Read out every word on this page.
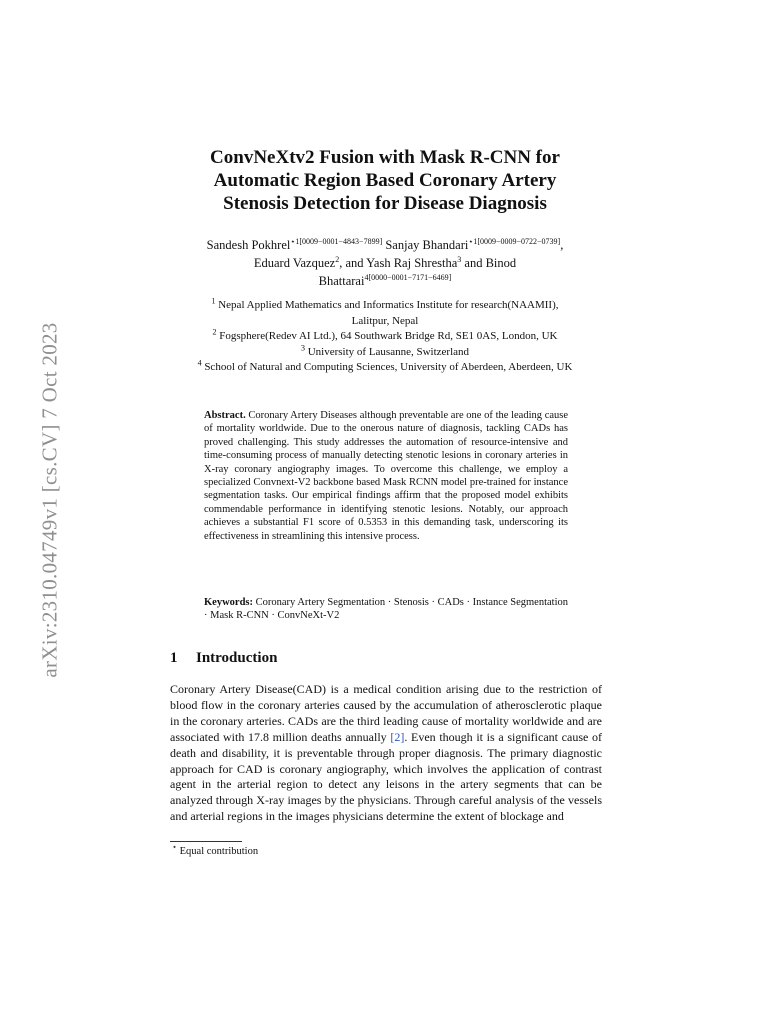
arXiv:2310.04749v1 [cs.CV] 7 Oct 2023
ConvNeXtv2 Fusion with Mask R-CNN for
Automatic Region Based Coronary Artery
Stenosis Detection for Disease Diagnosis
Sandesh Pokhrel$^{⋆1[0009-0001-4843-7899]}$ Sanjay Bhandari$^{⋆1[0009-0009-0722-0739]}$,
Eduard Vazquez$^2$, and Yash Raj Shrestha$^3$ and Binod
Bhattarai$^{4[0000-0001-7171-6469]}$
$^1$ Nepal Applied Mathematics and Informatics Institute for research(NAAMII),
Lalitpur, Nepal
$^2$ Fogsphere(Redev AI Ltd.), 64 Southwark Bridge Rd, SE1 0AS, London, UK
$^3$ University of Lausanne, Switzerland
$^4$ School of Natural and Computing Sciences, University of Aberdeen, Aberdeen, UK
Abstract. Coronary Artery Diseases although preventable are one of the leading cause of mortality worldwide. Due to the onerous nature of diagnosis, tackling CADs has proved challenging. This study addresses the automation of resource-intensive and time-consuming process of manually detecting stenotic lesions in coronary arteries in X-ray coronary angiography images. To overcome this challenge, we employ a specialized Convnext-V2 backbone based Mask RCNN model pre-trained for instance segmentation tasks. Our empirical findings affirm that the proposed model exhibits commendable performance in identifying stenotic lesions. Notably, our approach achieves a substantial F1 score of 0.5353 in this demanding task, underscoring its effectiveness in streamlining this intensive process.
Keywords: Coronary Artery Segmentation · Stenosis · CADs · Instance Segmentation · Mask R-CNN · ConvNeXt-V2
1 Introduction
Coronary Artery Disease(CAD) is a medical condition arising due to the restriction of blood flow in the coronary arteries caused by the accumulation of atherosclerotic plaque in the coronary arteries. CADs are the third leading cause of mortality worldwide and are associated with 17.8 million deaths annually [2]. Even though it is a significant cause of death and disability, it is preventable through proper diagnosis. The primary diagnostic approach for CAD is coronary angiography, which involves the application of contrast agent in the arterial region to detect any leisons in the artery segments that can be analyzed through X-ray images by the physicians. Through careful analysis of the vessels and arterial regions in the images physicians determine the extent of blockage and
⋆ Equal contribution
